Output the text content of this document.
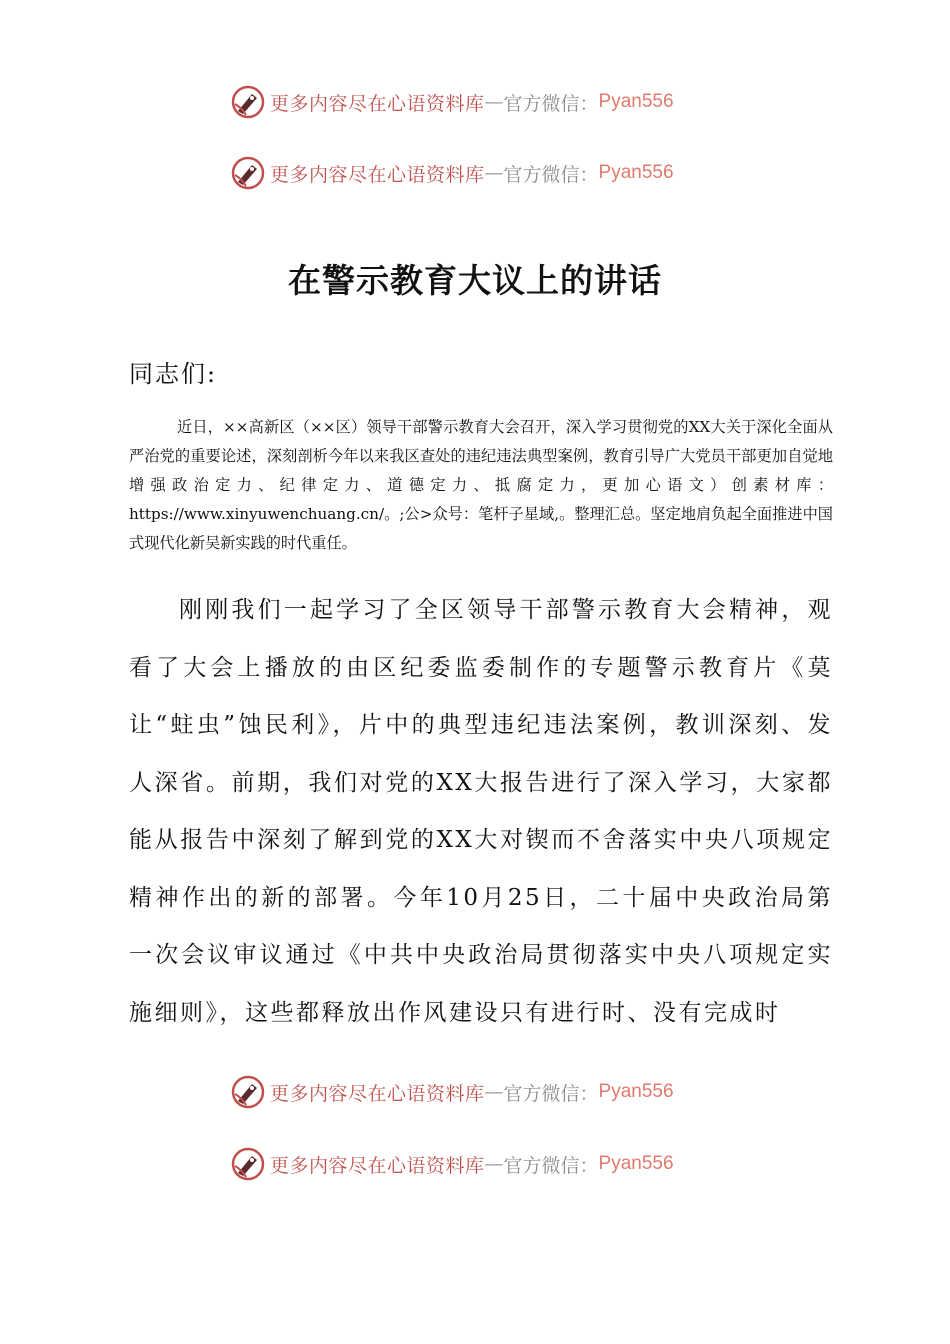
更多内容尽在心语资料库 — 官方微信： Pyan556
更多内容尽在心语资料库 — 官方微信： Pyan556
在警示教育大议上的讲话
同志们:

近日，××高新区（××区）领导干部警示教育大会召开，深入学习贯彻党的XX大关于深化全面从严治党的重要论述，深刻剖析今年以来我区查处的违纪违法典型案例，教育引导广大党员干部更加自觉地增强政治定力、纪律定力、道德定力、抵腐定力，更加心语文）创素材库：https://www.xinyuwenchuang.cn/。;公>众号：笔杆子星域,。整理汇总。坚定地肩负起全面推进中国式现代化新吴新实践的时代重任。

刚刚我们一起学习了全区领导干部警示教育大会精神，观看了大会上播放的由区纪委监委制作的专题警示教育片《莫让“蛀虫”蚀民利》，片中的典型违纪违法案例，教训深刻、发人深省。前期，我们对党的XX大报告进行了深入学习，大家都能从报告中深刻了解到党的XX大对锲而不舍落实中央八项规定精神作出的新的部署。今年10月25日，二十届中央政治局第一次会议审议通过《中共中央政治局贯彻落实中央八项规定实施细则》，这些都释放出作风建设只有进行时、没有完成时

更多内容尽在心语资料库 — 官方微信： Pyan556
更多内容尽在心语资料库 — 官方微信： Pyan556
